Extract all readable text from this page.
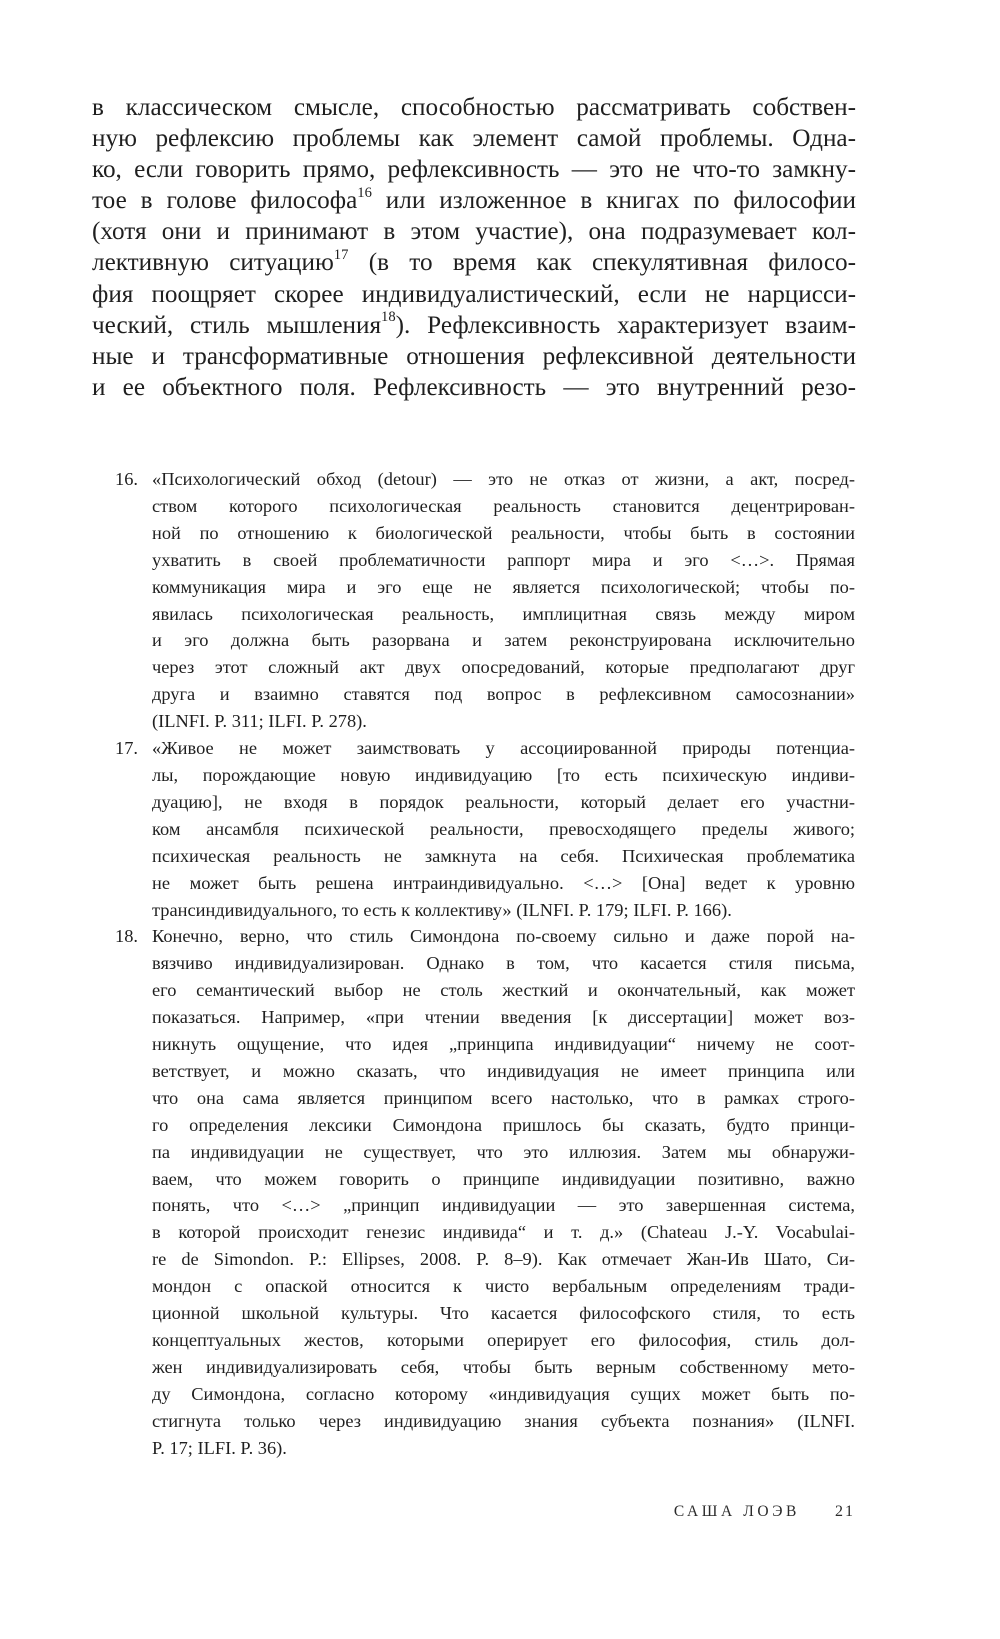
в классическом смысле, способностью рассматривать собствен-
ную рефлексию проблемы как элемент самой проблемы. Одна-
ко, если говорить прямо, рефлексивность — это не что-то замкну-
тое в голове философа$^{16}$ или изложенное в книгах по философии
(хотя они и принимают в этом участие), она подразумевает кол-
лективную ситуацию$^{17}$ (в то время как спекулятивная филосо-
фия поощряет скорее индивидуалистический, если не нарцисси-
ческий, стиль мышления$^{18}$). Рефлексивность характеризует взаим-
ные и трансформативные отношения рефлексивной деятельности
и ее объектного поля. Рефлексивность — это внутренний резо-
16. «Психологический обход (detour) — это не отказ от жизни, а акт, посред-
ством которого психологическая реальность становится децентрирован-
ной по отношению к биологической реальности, чтобы быть в состоянии
ухватить в своей проблематичности раппорт мира и эго <…>. Прямая
коммуникация мира и эго еще не является психологической; чтобы по-
явилась психологическая реальность, имплицитная связь между миром
и эго должна быть разорвана и затем реконструирована исключительно
через этот сложный акт двух опосредований, которые предполагают друг
друга и взаимно ставятся под вопрос в рефлексивном самосознании»
(ILNFI. P. 311; ILFI. P. 278).
17. «Живое не может заимствовать у ассоциированной природы потенциа-
лы, порождающие новую индивидуацию [то есть психическую индиви-
дуацию], не входя в порядок реальности, который делает его участни-
ком ансамбля психической реальности, превосходящего пределы живого;
психическая реальность не замкнута на себя. Психическая проблематика
не может быть решена интраиндивидуально. <…> [Она] ведет к уровню
трансиндивидуального, то есть к коллективу» (ILNFI. P. 179; ILFI. P. 166).
18. Конечно, верно, что стиль Симондона по-своему сильно и даже порой на-
вязчиво индивидуализирован. Однако в том, что касается стиля письма,
его семантический выбор не столь жесткий и окончательный, как может
показаться. Например, «при чтении введения [к диссертации] может воз-
никнуть ощущение, что идея „принципа индивидуации“ ничему не соот-
ветствует, и можно сказать, что индивидуация не имеет принципа или
что она сама является принципом всего настолько, что в рамках строго-
го определения лексики Симондона пришлось бы сказать, будто принци-
па индивидуации не существует, что это иллюзия. Затем мы обнаружи-
ваем, что можем говорить о принципе индивидуации позитивно, важно
понять, что <…> „принцип индивидуации — это завершенная система,
в которой происходит генезис индивида“ и т. д.» (Chateau J.-Y. Vocabulai-
re de Simondon. P.: Ellipses, 2008. P. 8–9). Как отмечает Жан-Ив Шато, Си-
мондон с опаской относится к чисто вербальным определениям тради-
ционной школьной культуры. Что касается философского стиля, то есть
концептуальных жестов, которыми оперирует его философия, стиль дол-
жен индивидуализировать себя, чтобы быть верным собственному мето-
ду Симондона, согласно которому «индивидуация сущих может быть по-
стигнута только через индивидуацию знания субъекта познания» (ILNFI.
P. 17; ILFI. P. 36).
САША ЛОЭВ 21
